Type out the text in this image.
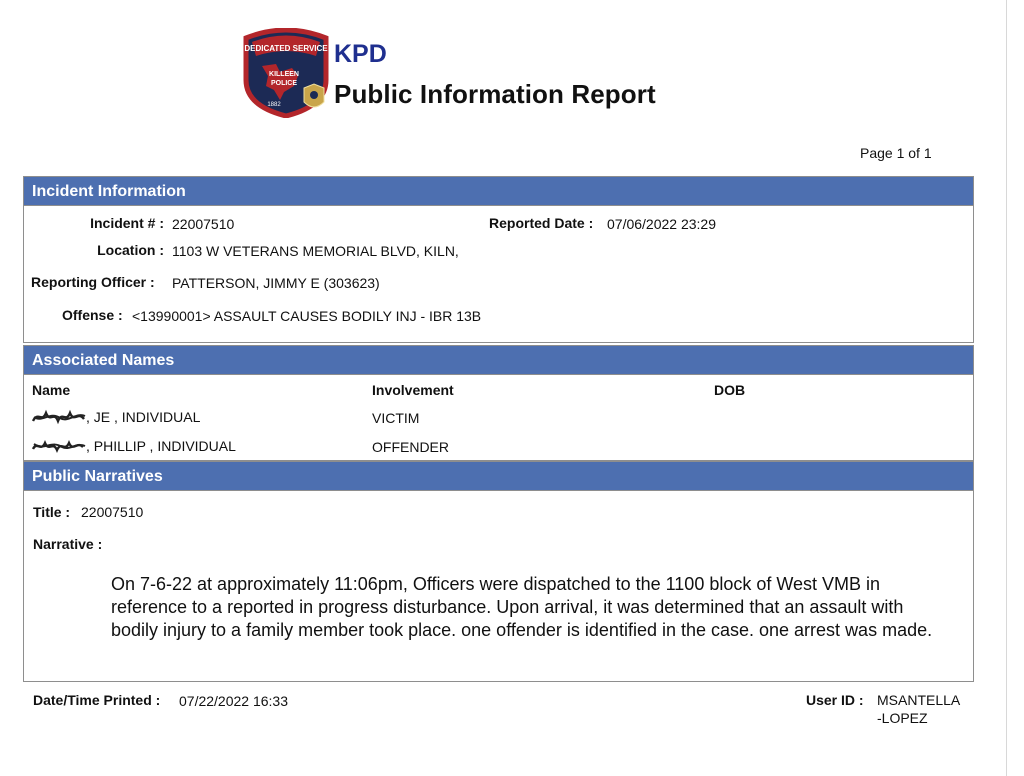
DEDICATED SERVICE
KILLEEN
POLICE
1882
KPD
Public Information Report
Page 1 of 1
Incident Information
Incident # : 22007510	Reported Date : 07/06/2022 23:29
Location : 1103 W VETERANS MEMORIAL BLVD, KILN,
Reporting Officer : PATTERSON, JIMMY E (303623)
Offense : <13990001> ASSAULT CAUSES BODILY INJ - IBR 13B
Associated Names
Name	Involvement	DOB
, JE , INDIVIDUAL	VICTIM
, PHILLIP , INDIVIDUAL	OFFENDER
Public Narratives
Title : 22007510
Narrative :
On 7-6-22 at approximately 11:06pm, Officers were dispatched to the 1100 block of West VMB in reference to a reported in progress disturbance. Upon arrival, it was determined that an assault with bodily injury to a family member took place. one offender is identified in the case. one arrest was made.
Date/Time Printed : 07/22/2022 16:33	User ID : MSANTELLA
-LOPEZ
